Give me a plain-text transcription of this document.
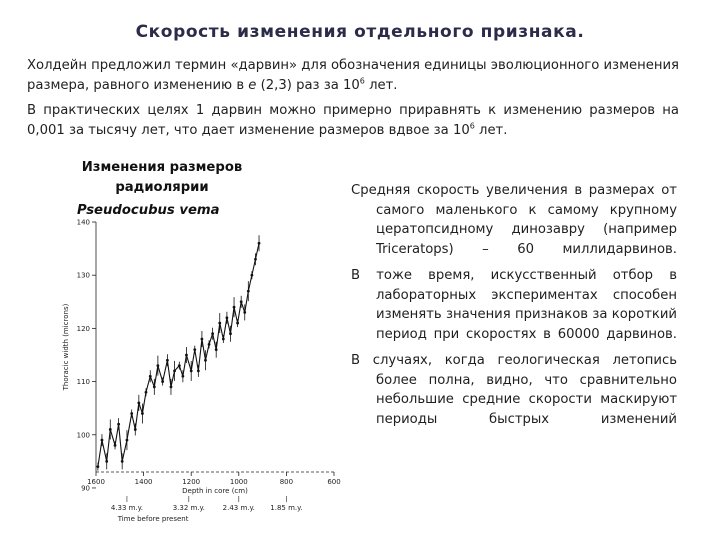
Скорость изменения отдельного признака.
Холдейн предложил термин «дарвин» для обозначения единицы эволюционного изменения размера, равного изменению в e (2,3) раз за $10^6$ лет.
В практических целях 1 дарвин можно примерно приравнять к изменению размеров на 0,001 за тысячу лет, что дает изменение размеров вдвое за $10^6$ лет.
Изменения размеров радиолярии
Pseudocubus vema
90
100
110
120
130
140
1600	1400	1200	1000	800	600
Thoracic width (microns)
Depth in core (cm)
4.33 m.y.	3.32 m.y.	2.43 m.y. 1.85 m.y.
Time before present

Средняя скорость увеличения в размерах от самого маленького к самому крупному цератопсидному динозавру (например Triceratops) – 60 миллидарвинов.

В тоже время, искусственный отбор в лабораторных экспериментах способен изменять значения признаков за короткий период при скоростях в 60000 дарвинов.

В случаях, когда геологическая летопись более полна, видно, что сравнительно небольшие средние скорости маскируют периоды быстрых изменений
